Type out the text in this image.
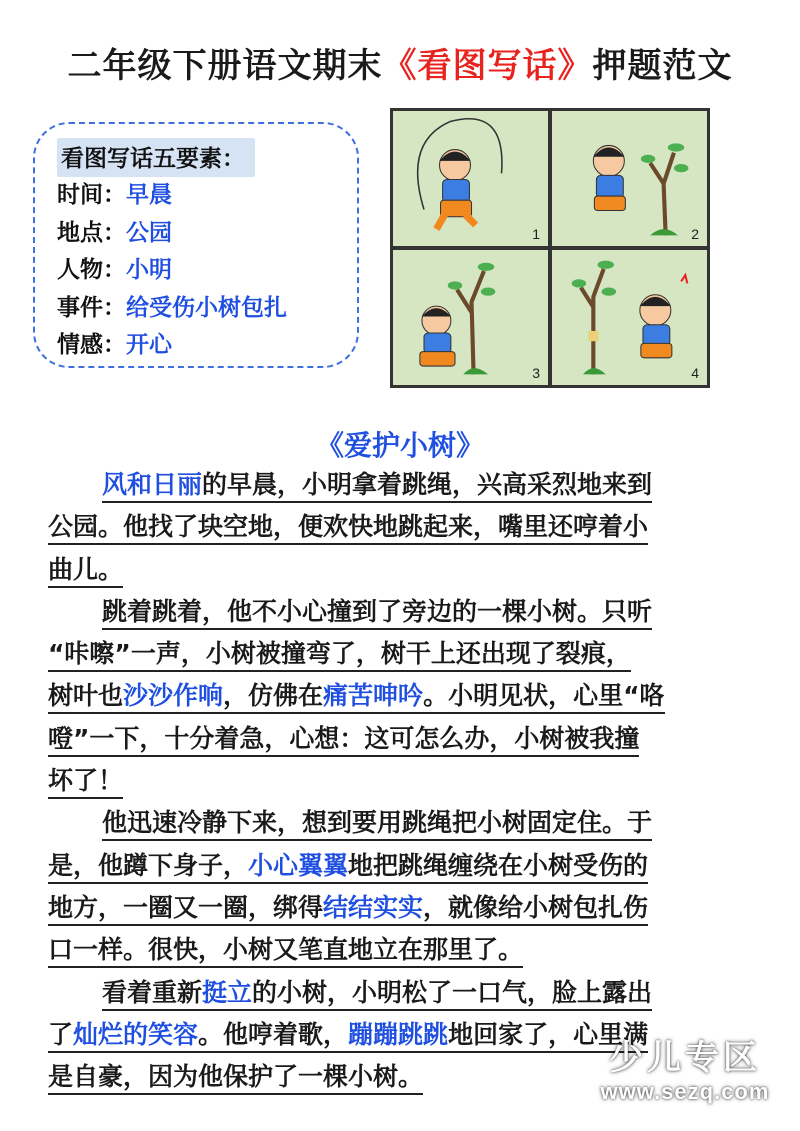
二年级下册语文期末《看图写话》押题范文
看图写话五要素：
时间：早晨
地点：公园
人物：小明
事件：给受伤小树包扎
情感：开心
1	2
3	4
《爱护小树》
风和日丽的早晨，小明拿着跳绳，兴高采烈地来到
公园。他找了块空地，便欢快地跳起来，嘴里还哼着小
曲儿。
跳着跳着，他不小心撞到了旁边的一棵小树。只听
“咔嚓”一声，小树被撞弯了，树干上还出现了裂痕，
树叶也沙沙作响，仿佛在痛苦呻吟。小明见状，心里“咯
噔”一下，十分着急，心想：这可怎么办，小树被我撞
坏了！
他迅速冷静下来，想到要用跳绳把小树固定住。于
是，他蹲下身子，小心翼翼地把跳绳缠绕在小树受伤的
地方，一圈又一圈，绑得结结实实，就像给小树包扎伤
口一样。很快，小树又笔直地立在那里了。
看着重新挺立的小树，小明松了一口气，脸上露出
了灿烂的笑容。他哼着歌，蹦蹦跳跳地回家了，心里满
是自豪，因为他保护了一棵小树。	少儿专区
www.sezq.com
